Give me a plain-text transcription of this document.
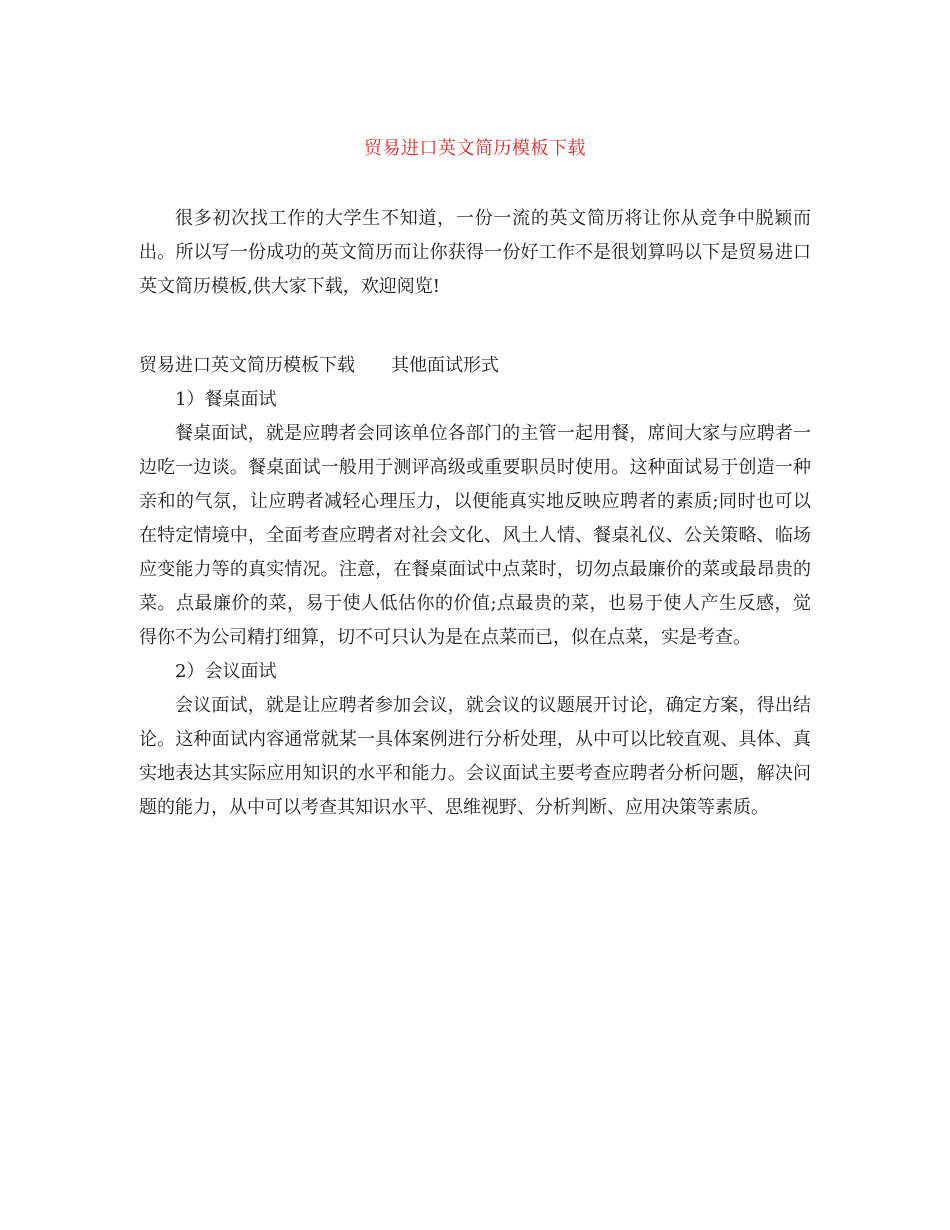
贸易进口英文简历模板下载

很多初次找工作的大学生不知道，一份一流的英文简历将让你从竞争中脱颖而出。所以写一份成功的英文简历而让你获得一份好工作不是很划算吗以下是贸易进口英文简历模板,供大家下载，欢迎阅览!

贸易进口英文简历模板下载　　其他面试形式

1）餐桌面试

餐桌面试，就是应聘者会同该单位各部门的主管一起用餐，席间大家与应聘者一边吃一边谈。餐桌面试一般用于测评高级或重要职员时使用。这种面试易于创造一种亲和的气氛，让应聘者减轻心理压力，以便能真实地反映应聘者的素质;同时也可以在特定情境中，全面考查应聘者对社会文化、风土人情、餐桌礼仪、公关策略、临场应变能力等的真实情况。注意，在餐桌面试中点菜时，切勿点最廉价的菜或最昂贵的菜。点最廉价的菜，易于使人低估你的价值;点最贵的菜，也易于使人产生反感，觉得你不为公司精打细算，切不可只认为是在点菜而已，似在点菜，实是考查。

2）会议面试

会议面试，就是让应聘者参加会议，就会议的议题展开讨论，确定方案，得出结论。这种面试内容通常就某一具体案例进行分析处理，从中可以比较直观、具体、真实地表达其实际应用知识的水平和能力。会议面试主要考查应聘者分析问题，解决问题的能力，从中可以考查其知识水平、思维视野、分析判断、应用决策等素质。
